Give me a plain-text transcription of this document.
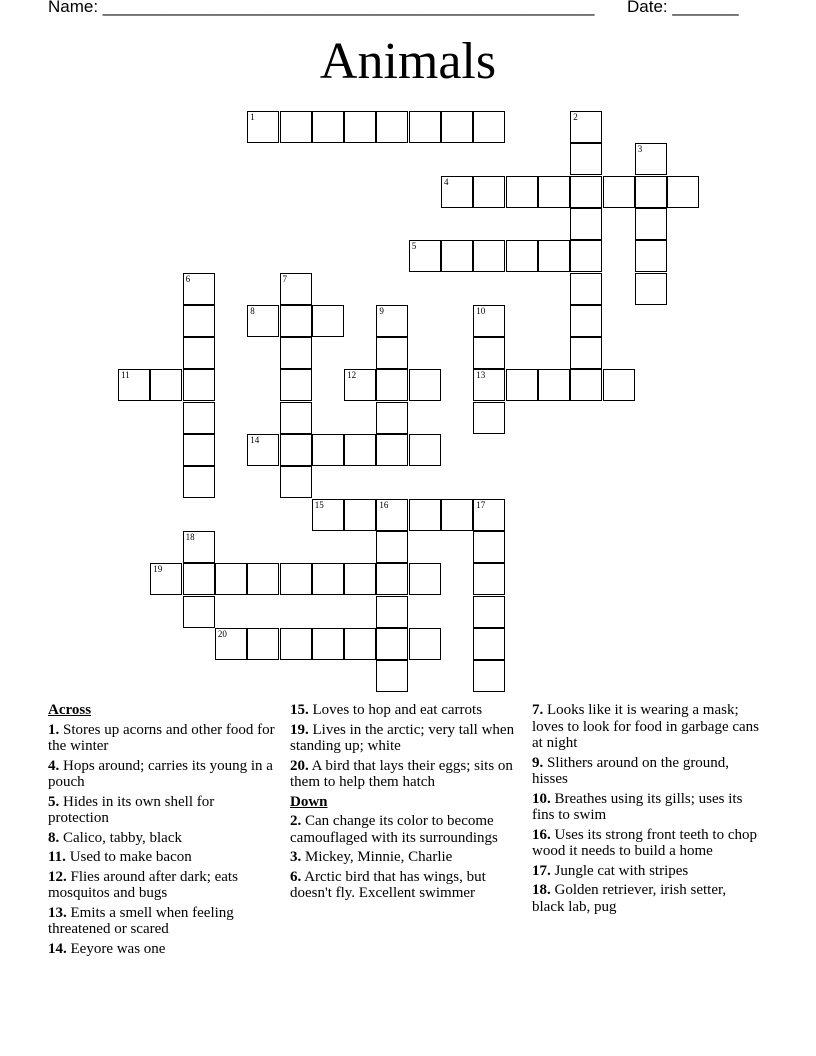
Name: ____________________________________________________ Date: _______
Animals
1	2
3
4
5
6	7
8	9	10
13
11	12
14
15	16	17
18
19
20
Across
1. Stores up acorns and other food for the winter
4. Hops around; carries its young in a pouch
5. Hides in its own shell for protection
8. Calico, tabby, black
11. Used to make bacon
12. Flies around after dark; eats mosquitos and bugs
13. Emits a smell when feeling threatened or scared
14. Eeyore was one
15. Loves to hop and eat carrots
19. Lives in the arctic; very tall when standing up; white
20. A bird that lays their eggs; sits on them to help them hatch
Down
2. Can change its color to become camouflaged with its surroundings
3. Mickey, Minnie, Charlie
6. Arctic bird that has wings, but doesn't fly. Excellent swimmer
7. Looks like it is wearing a mask; loves to look for food in garbage cans at night
9. Slithers around on the ground, hisses
10. Breathes using its gills; uses its fins to swim
16. Uses its strong front teeth to chop wood it needs to build a home
17. Jungle cat with stripes
18. Golden retriever, irish setter, black lab, pug
